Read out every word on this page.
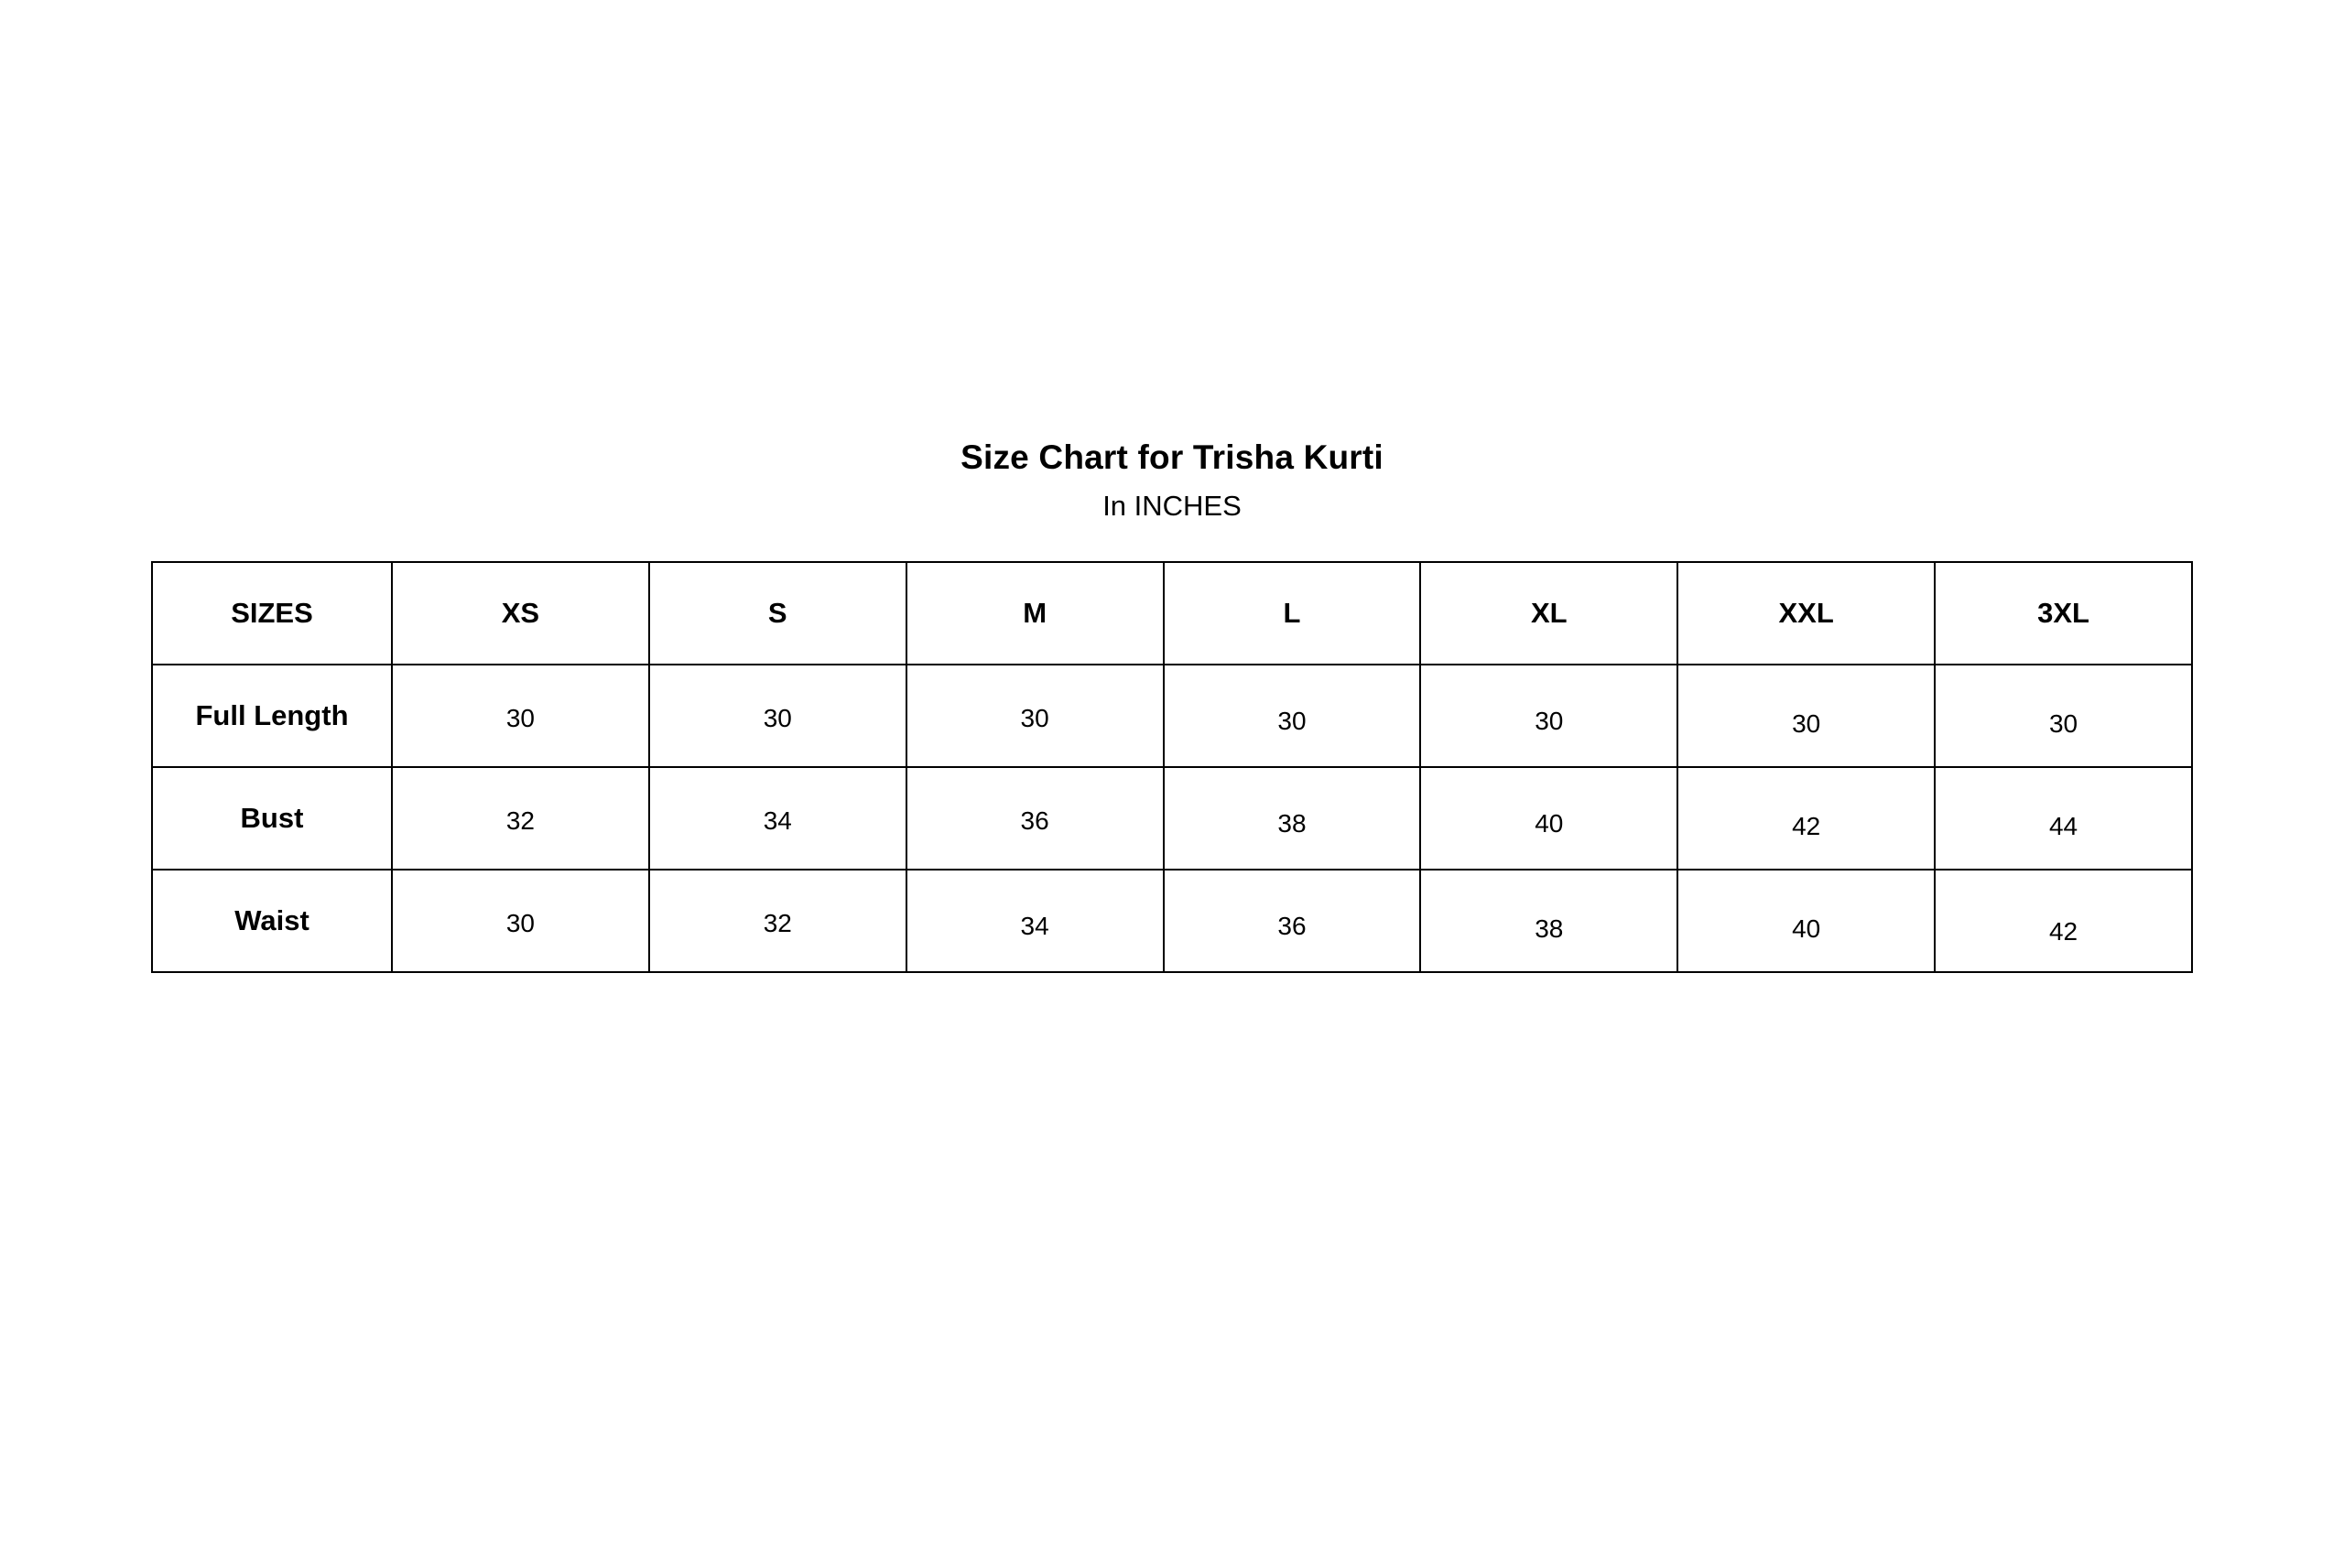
Size Chart for Trisha Kurti
In INCHES
SIZES	XS	S	M	L	XL	XXL	3XL
Full Length	30	30	30	30	30	30	30
Bust	32	34	36	38	40	42	44
Waist	30	32	34	36	38	40	42
